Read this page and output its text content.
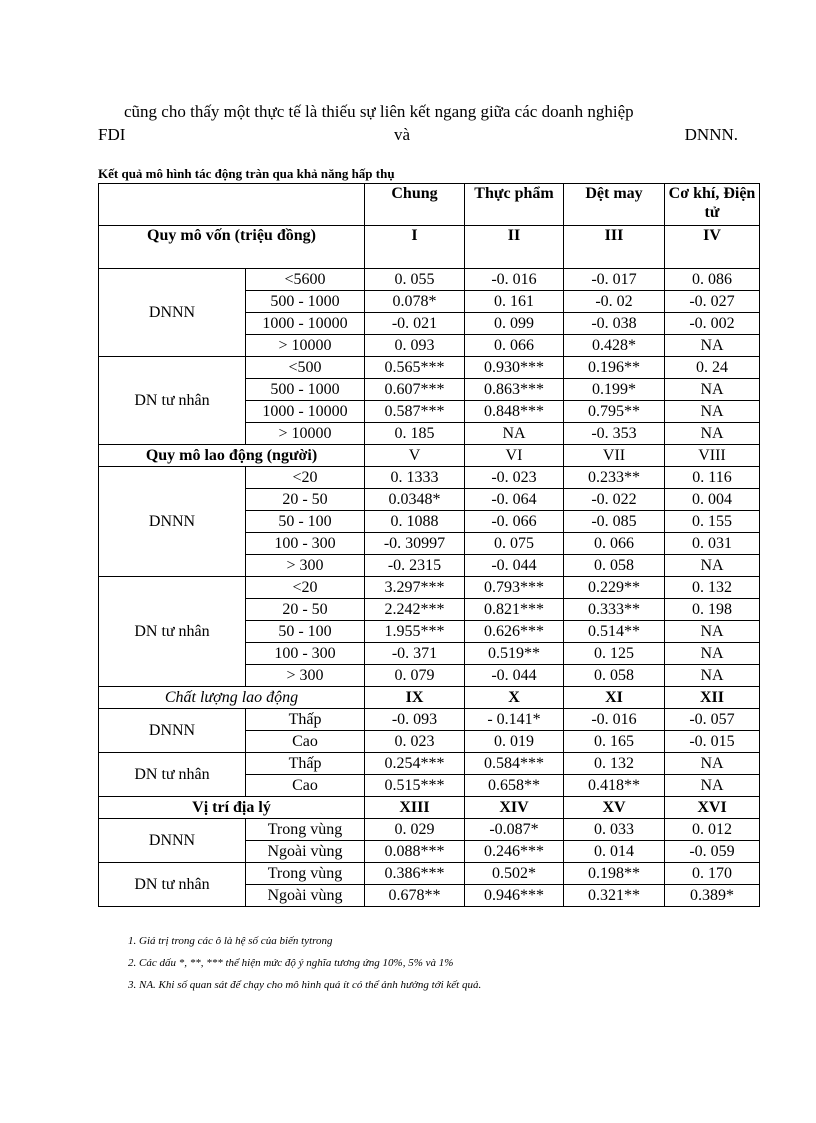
cũng cho thấy một thực tế là thiếu sự liên kết ngang giữa các doanh nghiệp
FDI	và	DNNN.
Kết quả mô hình tác động tràn qua khả năng hấp thụ
		Chung	Thực phẩm	Dệt may	Cơ khí, Điện tử
Quy mô vốn (triệu đồng)		I	II	III	IV
DNNN	<5600	0. 055	-0. 016	-0. 017	0. 086
	500 - 1000	0.078*	0. 161	-0. 02	-0. 027
	1000 - 10000	-0. 021	0. 099	-0. 038	-0. 002
	> 10000	0. 093	0. 066	0.428*	NA
DN tư nhân	<500	0.565***	0.930***	0.196**	0. 24
	500 - 1000	0.607***	0.863***	0.199*	NA
	1000 - 10000	0.587***	0.848***	0.795**	NA
	> 10000	0. 185	NA	-0. 353	NA
Quy mô lao động (người)		V	VI	VII	VIII
DNNN	<20	0. 1333	-0. 023	0.233**	0. 116
	20 - 50	0.0348*	-0. 064	-0. 022	0. 004
	50 - 100	0. 1088	-0. 066	-0. 085	0. 155
	100 - 300	-0. 30997	0. 075	0. 066	0. 031
	> 300	-0. 2315	-0. 044	0. 058	NA
DN tư nhân	<20	3.297***	0.793***	0.229**	0. 132
	20 - 50	2.242***	0.821***	0.333**	0. 198
	50 - 100	1.955***	0.626***	0.514**	NA
	100 - 300	-0. 371	0.519**	0. 125	NA
	> 300	0. 079	-0. 044	0. 058	NA
Chất lượng lao động		IX	X	XI	XII
DNNN	Thấp	-0. 093	- 0.141*	-0. 016	-0. 057
	Cao	0. 023	0. 019	0. 165	-0. 015
DN tư nhân	Thấp	0.254***	0.584***	0. 132	NA
	Cao	0.515***	0.658**	0.418**	NA
Vị trí địa lý		XIII	XIV	XV	XVI
DNNN	Trong vùng	0. 029	-0.087*	0. 033	0. 012
	Ngoài vùng	0.088***	0.246***	0. 014	-0. 059
DN tư nhân	Trong vùng	0.386***	0.502*	0.198**	0. 170
	Ngoài vùng	0.678**	0.946***	0.321**	0.389*
1. Giá trị trong các ô là hệ số của biến tytrong
2. Các dấu *, **, *** thể hiện mức độ ý nghĩa tương ứng 10%, 5% và 1%
3. NA. Khi số quan sát để chạy cho mô hình quá ít có thể ảnh hưởng tới kết quả.
